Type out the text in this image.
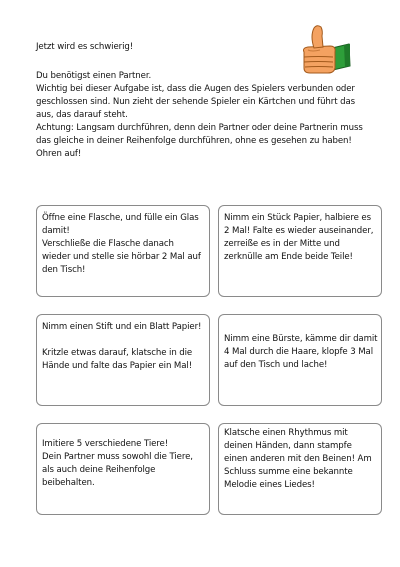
Jetzt wird es schwierig!
Du benötigst einen Partner.
Wichtig bei dieser Aufgabe ist, dass die Augen des Spielers verbunden oder
geschlossen sind. Nun zieht der sehende Spieler ein Kärtchen und führt das
aus, das darauf steht.
Achtung: Langsam durchführen, denn dein Partner oder deine Partnerin muss
das gleiche in deiner Reihenfolge durchführen, ohne es gesehen zu haben!
Ohren auf!
Öffne eine Flasche, und fülle ein Glas
damit!
Verschließe die Flasche danach
wieder und stelle sie hörbar 2 Mal auf
den Tisch!
Nimm ein Stück Papier, halbiere es
2 Mal! Falte es wieder auseinander,
zerreiße es in der Mitte und
zerknülle am Ende beide Teile!
Nimm einen Stift und ein Blatt Papier!
Kritzle etwas darauf, klatsche in die
Hände und falte das Papier ein Mal!
Nimm eine Bürste, kämme dir damit
4 Mal durch die Haare, klopfe 3 Mal
auf den Tisch und lache!
Imitiere 5 verschiedene Tiere!
Dein Partner muss sowohl die Tiere,
als auch deine Reihenfolge
beibehalten.
Klatsche einen Rhythmus mit
deinen Händen, dann stampfe
einen anderen mit den Beinen! Am
Schluss summe eine bekannte
Melodie eines Liedes!
